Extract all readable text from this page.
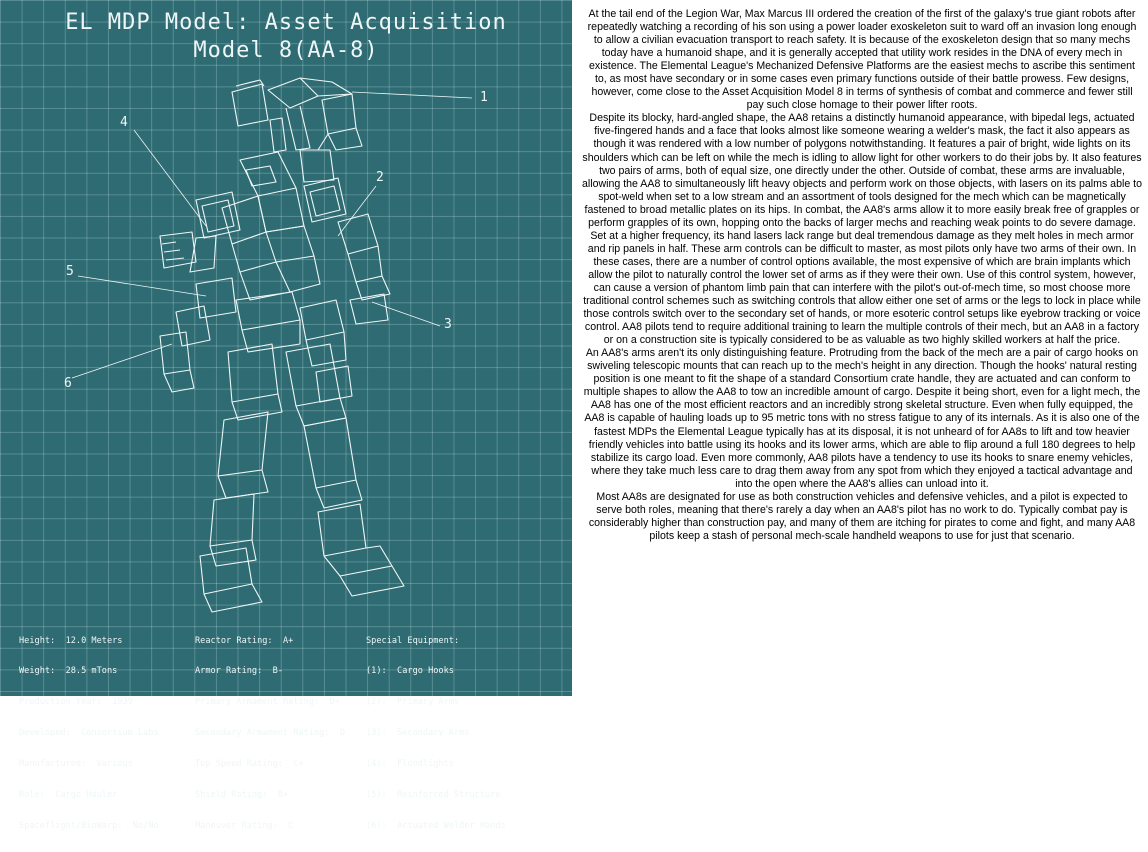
EL MDP Model: Asset Acquisition
Model 8(AA-8)
1
2
3
4
5
6

Height:  12.0 Meters

Weight:  28.5 mTons

Production Year:  1939

Developed:  Consortium Labs

Manufactured:  Various

Role:  Cargo Hauler

Spaceflight/BioWarp:  No/No

Reactor Rating:  A+

Armor Rating:  B-

Primary Armament Rating:  D+

Secondary Armament Rating:  D

Top Speed Rating:  C+

Shield Rating:  B+

Maneuver Rating:  C

Special Equipment:

(1):  Cargo Hooks

(2):  Primary Arms

(3):  Secondary Arms

(4):  Floodlights

(5):  Reinforced Structure

(6):  Actuated Welder Hands

At the tail end of the Legion War, Max Marcus III ordered the creation of the first of the galaxy's true giant robots after repeatedly watching a recording of his son using a power loader exoskeleton suit to ward off an invasion long enough to allow a civilian evacuation transport to reach safety. It is because of the exoskeleton design that so many mechs today have a humanoid shape, and it is generally accepted that utility work resides in the DNA of every mech in existence. The Elemental League's Mechanized Defensive Platforms are the easiest mechs to ascribe this sentiment to, as most have secondary or in some cases even primary functions outside of their battle prowess. Few designs, however, come close to the Asset Acquisition Model 8 in terms of synthesis of combat and commerce and fewer still pay such close homage to their power lifter roots.

Despite its blocky, hard-angled shape, the AA8 retains a distinctly humanoid appearance, with bipedal legs, actuated five-fingered hands and a face that looks almost like someone wearing a welder's mask, the fact it also appears as though it was rendered with a low number of polygons notwithstanding. It features a pair of bright, wide lights on its shoulders which can be left on while the mech is idling to allow light for other workers to do their jobs by. It also features two pairs of arms, both of equal size, one directly under the other. Outside of combat, these arms are invaluable, allowing the AA8 to simultaneously lift heavy objects and perform work on those objects, with lasers on its palms able to spot-weld when set to a low stream and an assortment of tools designed for the mech which can be magnetically fastened to broad metallic plates on its hips. In combat, the AA8's arms allow it to more easily break free of grapples or perform grapples of its own, hopping onto the backs of larger mechs and reaching weak points to do severe damage. Set at a higher frequency, its hand lasers lack range but deal tremendous damage as they melt holes in mech armor and rip panels in half. These arm controls can be difficult to master, as most pilots only have two arms of their own. In these cases, there are a number of control options available, the most expensive of which are brain implants which allow the pilot to naturally control the lower set of arms as if they were their own. Use of this control system, however, can cause a version of phantom limb pain that can interfere with the pilot's out-of-mech time, so most choose more traditional control schemes such as switching controls that allow either one set of arms or the legs to lock in place while those controls switch over to the secondary set of hands, or more esoteric control setups like eyebrow tracking or voice control. AA8 pilots tend to require additional training to learn the multiple controls of their mech, but an AA8 in a factory or on a construction site is typically considered to be as valuable as two highly skilled workers at half the price.

An AA8's arms aren't its only distinguishing feature. Protruding from the back of the mech are a pair of cargo hooks on swiveling telescopic mounts that can reach up to the mech's height in any direction. Though the hooks' natural resting position is one meant to fit the shape of a standard Consortium crate handle, they are actuated and can conform to multiple shapes to allow the AA8 to tow an incredible amount of cargo. Despite it being short, even for a light mech, the AA8 has one of the most efficient reactors and an incredibly strong skeletal structure. Even when fully equipped, the AA8 is capable of hauling loads up to 95 metric tons with no stress fatigue to any of its internals. As it is also one of the fastest MDPs the Elemental League typically has at its disposal, it is not unheard of for AA8s to lift and tow heavier friendly vehicles into battle using its hooks and its lower arms, which are able to flip around a full 180 degrees to help stabilize its cargo load. Even more commonly, AA8 pilots have a tendency to use its hooks to snare enemy vehicles, where they take much less care to drag them away from any spot from which they enjoyed a tactical advantage and into the open where the AA8's allies can unload into it.

Most AA8s are designated for use as both construction vehicles and defensive vehicles, and a pilot is expected to serve both roles, meaning that there's rarely a day when an AA8's pilot has no work to do. Typically combat pay is considerably higher than construction pay, and many of them are itching for pirates to come and fight, and many AA8 pilots keep a stash of personal mech-scale handheld weapons to use for just that scenario.
